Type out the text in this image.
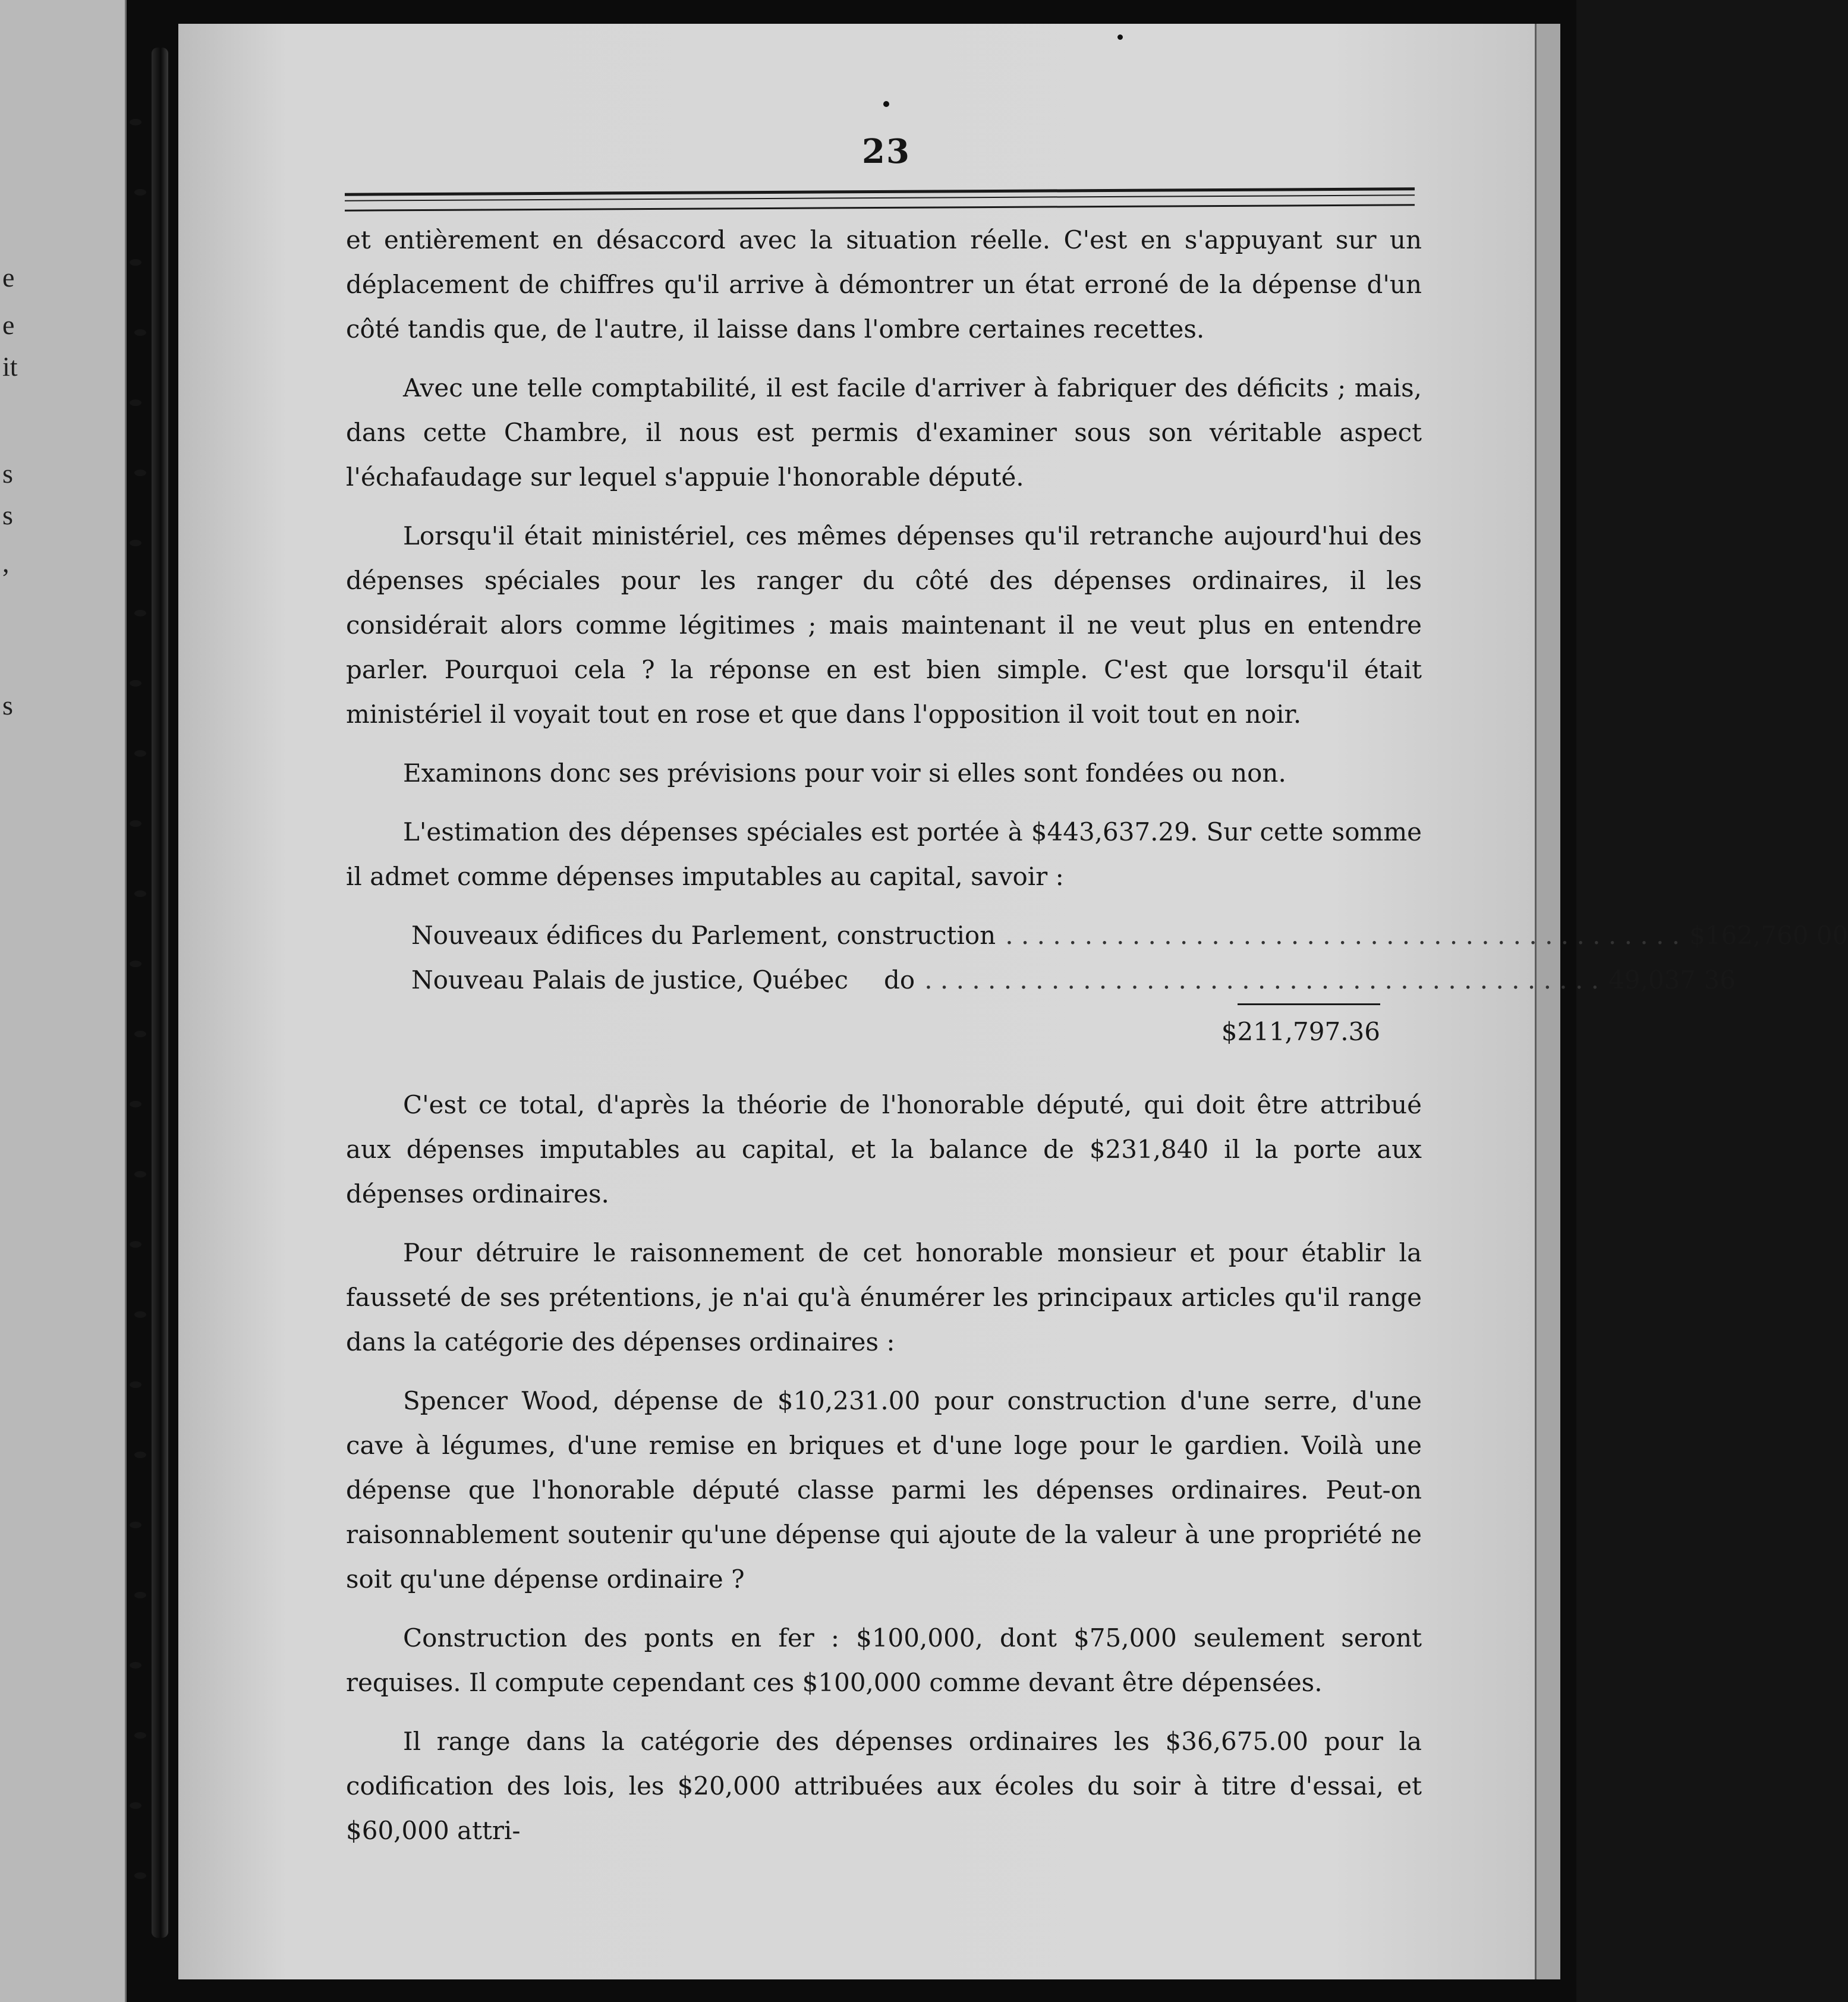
e
e
it
s
s
,
s
23

et entièrement en désaccord avec la situation réelle. C'est en s'appuyant sur un déplacement de chiffres qu'il arrive à démontrer un état erroné de la dépense d'un côté tandis que, de l'autre, il laisse dans l'ombre certaines recettes.

Avec une telle comptabilité, il est facile d'arriver à fabriquer des déficits ; mais, dans cette Chambre, il nous est permis d'examiner sous son véritable aspect l'échafaudage sur lequel s'appuie l'honorable député.

Lorsqu'il était ministériel, ces mêmes dépenses qu'il retranche aujourd'hui des dépenses spéciales pour les ranger du côté des dépenses ordinaires, il les considérait alors comme légitimes ; mais maintenant il ne veut plus en entendre parler. Pourquoi cela ? la réponse en est bien simple. C'est que lorsqu'il était ministériel il voyait tout en rose et que dans l'opposition il voit tout en noir.

Examinons donc ses prévisions pour voir si elles sont fondées ou non.

L'estimation des dépenses spéciales est portée à $443,637.29. Sur cette somme il admet comme dépenses imputables au capital, savoir :

Nouveaux édifices du Parlement, construction . . . . . . . . . . . . . . . . . . . . . . . . . . . . . . . . . . . . . . . . . . . $162,760 00
Nouveau Palais de justice, Québec do . . . . . . . . . . . . . . . . . . . . . . . . . . . . . . . . . . . . . . . . . . . 49,037 36
$211,797.36

C'est ce total, d'après la théorie de l'honorable député, qui doit être attribué aux dépenses imputables au capital, et la balance de $231,840 il la porte aux dépenses ordinaires.

Pour détruire le raisonnement de cet honorable monsieur et pour établir la fausseté de ses prétentions, je n'ai qu'à énumérer les principaux articles qu'il range dans la catégorie des dépenses ordinaires :

Spencer Wood, dépense de $10,231.00 pour construction d'une serre, d'une cave à légumes, d'une remise en briques et d'une loge pour le gardien. Voilà une dépense que l'honorable député classe parmi les dépenses ordinaires. Peut-on raisonnablement soutenir qu'une dépense qui ajoute de la valeur à une propriété ne soit qu'une dépense ordinaire ?

Construction des ponts en fer : $100,000, dont $75,000 seulement seront requises. Il compute cependant ces $100,000 comme devant être dépensées.

Il range dans la catégorie des dépenses ordinaires les $36,675.00 pour la codification des lois, les $20,000 attribuées aux écoles du soir à titre d'essai, et $60,000 attri-
